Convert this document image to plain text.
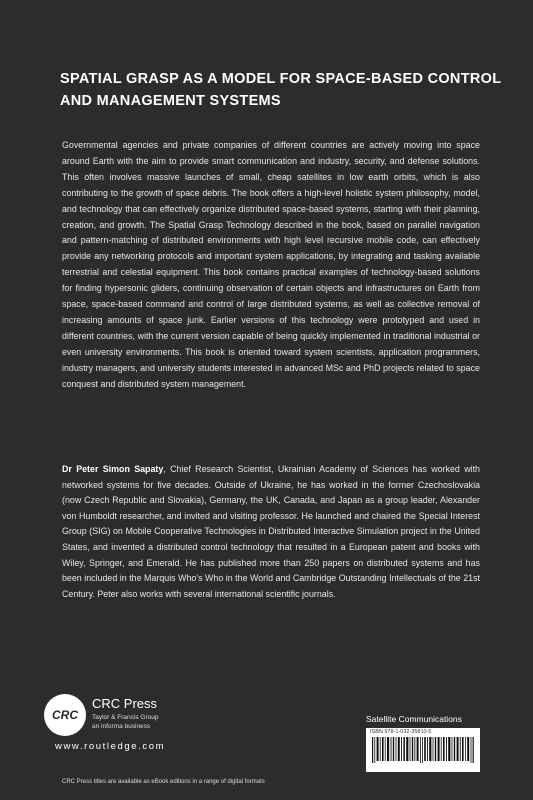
SPATIAL GRASP AS A MODEL FOR SPACE-BASED CONTROL
AND MANAGEMENT SYSTEMS
Governmental agencies and private companies of different countries are actively moving into space around Earth with the aim to provide smart communication and industry, security, and defense solutions. This often involves massive launches of small, cheap satellites in low earth orbits, which is also contributing to the growth of space debris. The book offers a high-level holistic system philosophy, model, and technology that can effectively organize distributed space-based systems, starting with their planning, creation, and growth. The Spatial Grasp Technology described in the book, based on parallel navigation and pattern-matching of distributed environments with high level recursive mobile code, can effectively provide any networking protocols and important system applications, by integrating and tasking available terrestrial and celestial equipment. This book contains practical examples of technology-based solutions for finding hypersonic gliders, continuing observation of certain objects and infrastructures on Earth from space, space-based command and control of large distributed systems, as well as collective removal of increasing amounts of space junk. Earlier versions of this technology were prototyped and used in different countries, with the current version capable of being quickly implemented in traditional industrial or even university environments. This book is oriented toward system scientists, application programmers, industry managers, and university students interested in advanced MSc and PhD projects related to space conquest and distributed system management.
Dr Peter Simon Sapaty, Chief Research Scientist, Ukrainian Academy of Sciences has worked with networked systems for five decades. Outside of Ukraine, he has worked in the former Czechoslovakia (now Czech Republic and Slovakia), Germany, the UK, Canada, and Japan as a group leader, Alexander von Humboldt researcher, and invited and visiting professor. He launched and chaired the Special Interest Group (SIG) on Mobile Cooperative Technologies in Distributed Interactive Simulation project in the United States, and invented a distributed control technology that resulted in a European patent and books with Wiley, Springer, and Emerald. He has published more than 250 papers on distributed systems and has been included in the Marquis Who's Who in the World and Cambridge Outstanding Intellectuals of the 21st Century. Peter also works with several international scientific journals.
CRC
CRC Press
Taylor & Francis Group
an informa business
www.routledge.com
Satellite Communications
ISBN 978-1-032-35810-5
CRC Press titles are available as eBook editions in a range of digital formats
